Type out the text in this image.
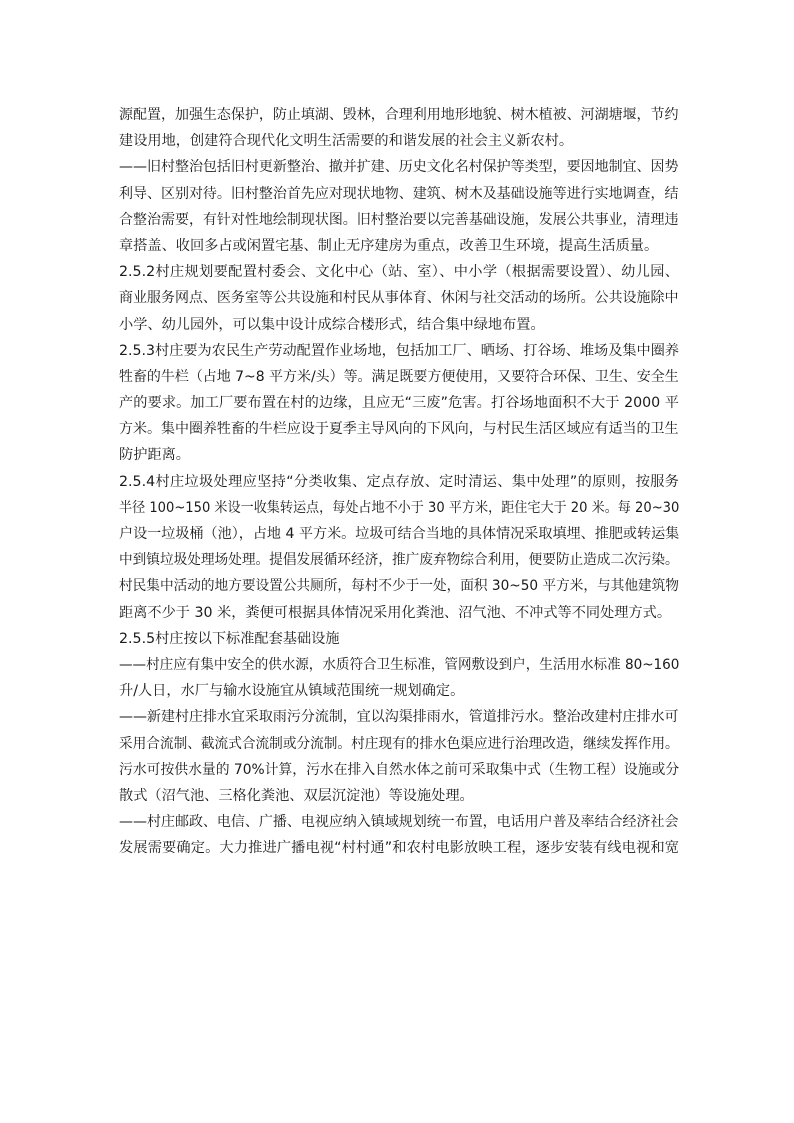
源配置，加强生态保护，防止填湖、毁林，合理利用地形地貌、树木植被、河湖塘堰，节约
建设用地，创建符合现代化文明生活需要的和谐发展的社会主义新农村。
——旧村整治包括旧村更新整治、撤并扩建、历史文化名村保护等类型，要因地制宜、因势
利导、区别对待。旧村整治首先应对现状地物、建筑、树木及基础设施等进行实地调查，结
合整治需要，有针对性地绘制现状图。旧村整治要以完善基础设施，发展公共事业，清理违
章搭盖、收回多占或闲置宅基、制止无序建房为重点，改善卫生环境，提高生活质量。
2.5.2村庄规划要配置村委会、文化中心（站、室）、中小学（根据需要设置）、幼儿园、
商业服务网点、医务室等公共设施和村民从事体育、休闲与社交活动的场所。公共设施除中
小学、幼儿园外，可以集中设计成综合楼形式，结合集中绿地布置。
2.5.3村庄要为农民生产劳动配置作业场地，包括加工厂、晒场、打谷场、堆场及集中圈养
牲畜的牛栏（占地 7~8 平方米/头）等。满足既要方便使用，又要符合环保、卫生、安全生
产的要求。加工厂要布置在村的边缘，且应无“三废”危害。打谷场地面积不大于 2000 平
方米。集中圈养牲畜的牛栏应设于夏季主导风向的下风向，与村民生活区域应有适当的卫生
防护距离。
2.5.4村庄垃圾处理应坚持“分类收集、定点存放、定时清运、集中处理”的原则，按服务
半径 100~150 米设一收集转运点，每处占地不小于 30 平方米，距住宅大于 20 米。每 20~30
户设一垃圾桶（池），占地 4 平方米。垃圾可结合当地的具体情况采取填埋、推肥或转运集
中到镇垃圾处理场处理。提倡发展循环经济，推广废弃物综合利用，便要防止造成二次污染。
村民集中活动的地方要设置公共厕所，每村不少于一处，面积 30~50 平方米，与其他建筑物
距离不少于 30 米，粪便可根据具体情况采用化粪池、沼气池、不冲式等不同处理方式。
2.5.5村庄按以下标准配套基础设施
——村庄应有集中安全的供水源，水质符合卫生标准，管网敷设到户，生活用水标准 80~160
升/人日，水厂与输水设施宜从镇域范围统一规划确定。
——新建村庄排水宜采取雨污分流制，宜以沟渠排雨水，管道排污水。整治改建村庄排水可
采用合流制、截流式合流制或分流制。村庄现有的排水色渠应进行治理改造，继续发挥作用。
污水可按供水量的 70%计算，污水在排入自然水体之前可采取集中式（生物工程）设施或分
散式（沼气池、三格化粪池、双层沉淀池）等设施处理。
——村庄邮政、电信、广播、电视应纳入镇域规划统一布置，电话用户普及率结合经济社会
发展需要确定。大力推进广播电视“村村通”和农村电影放映工程，逐步安装有线电视和宽
